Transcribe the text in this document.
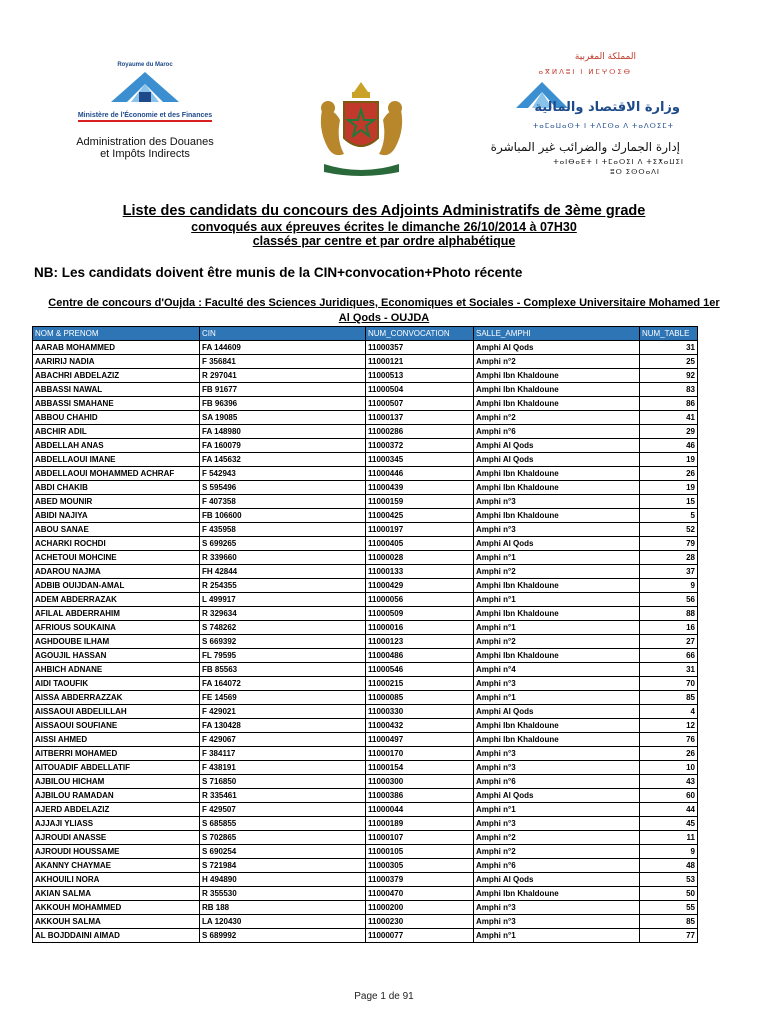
Royaume du Maroc
Ministère de l'Économie et des Finances
Administration des Douanes
et Impôts Indirects
المملكة المغربية
ⴰⴳⵍⴷⵓⵏ ⵏ ⵍⵎⵖⵔⵉⴱ
وزارة الاقتصاد والمالية
ⵜⴰⵎⴰⵡⴰⵙⵜ ⵏ ⵜⴷⵎⵙⴰ ⴷ ⵜⴰⴷⵔⵉⵎⵜ
إدارة الجمارك والضرائب غير المباشرة
ⵜⴰⵏⴱⴰⴹⵜ ⵏ ⵜⵎⴰⵔⵉⵏ ⴷ ⵜⵉⵅⴰⵡⵉⵏ
ⵓⵔ ⵉⵙⵔⴰⴷⵏ
Liste des candidats du concours des Adjoints Administratifs de 3ème grade
convoqués aux épreuves écrites le dimanche 26/10/2014 à 07H30
classés par centre et par ordre alphabétique
NB: Les candidats doivent être munis de la CIN+convocation+Photo récente
Centre de concours d'Oujda : Faculté des Sciences Juridiques, Economiques et Sociales - Complexe Universitaire Mohamed 1er
Al Qods - OUJDA
NOM & PRENOM	CIN	NUM_CONVOCATION	SALLE_AMPHI	NUM_TABLE
AARAB MOHAMMED	FA 144609	11000357	Amphi Al Qods	31
AARIRIJ NADIA	F 356841	11000121	Amphi n°2	25
ABACHRI ABDELAZIZ	R 297041	11000513	Amphi Ibn Khaldoune	92
ABBASSI NAWAL	FB 91677	11000504	Amphi Ibn Khaldoune	83
ABBASSI SMAHANE	FB 96396	11000507	Amphi Ibn Khaldoune	86
ABBOU CHAHID	SA 19085	11000137	Amphi n°2	41
ABCHIR ADIL	FA 148980	11000286	Amphi n°6	29
ABDELLAH ANAS	FA 160079	11000372	Amphi Al Qods	46
ABDELLAOUI IMANE	FA 145632	11000345	Amphi Al Qods	19
ABDELLAOUI MOHAMMED ACHRAF	F 542943	11000446	Amphi Ibn Khaldoune	26
ABDI CHAKIB	S 595496	11000439	Amphi Ibn Khaldoune	19
ABED MOUNIR	F 407358	11000159	Amphi n°3	15
ABIDI NAJIYA	FB 106600	11000425	Amphi Ibn Khaldoune	5
ABOU SANAE	F 435958	11000197	Amphi n°3	52
ACHARKI ROCHDI	S 699265	11000405	Amphi Al Qods	79
ACHETOUI MOHCINE	R 339660	11000028	Amphi n°1	28
ADAROU NAJMA	FH 42844	11000133	Amphi n°2	37
ADBIB OUIJDAN-AMAL	R 254355	11000429	Amphi Ibn Khaldoune	9
ADEM ABDERRAZAK	L 499917	11000056	Amphi n°1	56
AFILAL ABDERRAHIM	R 329634	11000509	Amphi Ibn Khaldoune	88
AFRIOUS SOUKAINA	S 748262	11000016	Amphi n°1	16
AGHDOUBE ILHAM	S 669392	11000123	Amphi n°2	27
AGOUJIL HASSAN	FL 79595	11000486	Amphi Ibn Khaldoune	66
AHBICH ADNANE	FB 85563	11000546	Amphi n°4	31
AIDI TAOUFIK	FA 164072	11000215	Amphi n°3	70
AISSA ABDERRAZZAK	FE 14569	11000085	Amphi n°1	85
AISSAOUI ABDELILLAH	F 429021	11000330	Amphi Al Qods	4
AISSAOUI SOUFIANE	FA 130428	11000432	Amphi Ibn Khaldoune	12
AISSI AHMED	F 429067	11000497	Amphi Ibn Khaldoune	76
AITBERRI MOHAMED	F 384117	11000170	Amphi n°3	26
AITOUADIF ABDELLATIF	F 438191	11000154	Amphi n°3	10
AJBILOU HICHAM	S 716850	11000300	Amphi n°6	43
AJBILOU RAMADAN	R 335461	11000386	Amphi Al Qods	60
AJERD ABDELAZIZ	F 429507	11000044	Amphi n°1	44
AJJAJI YLIASS	S 685855	11000189	Amphi n°3	45
AJROUDI ANASSE	S 702865	11000107	Amphi n°2	11
AJROUDI HOUSSAME	S 690254	11000105	Amphi n°2	9
AKANNY CHAYMAE	S 721984	11000305	Amphi n°6	48
AKHOUILI NORA	H 494890	11000379	Amphi Al Qods	53
AKIAN SALMA	R 355530	11000470	Amphi Ibn Khaldoune	50
AKKOUH MOHAMMED	RB 188	11000200	Amphi n°3	55
AKKOUH SALMA	LA 120430	11000230	Amphi n°3	85
AL BOJDDAINI AIMAD	S 689992	11000077	Amphi n°1	77
Page 1 de 91
